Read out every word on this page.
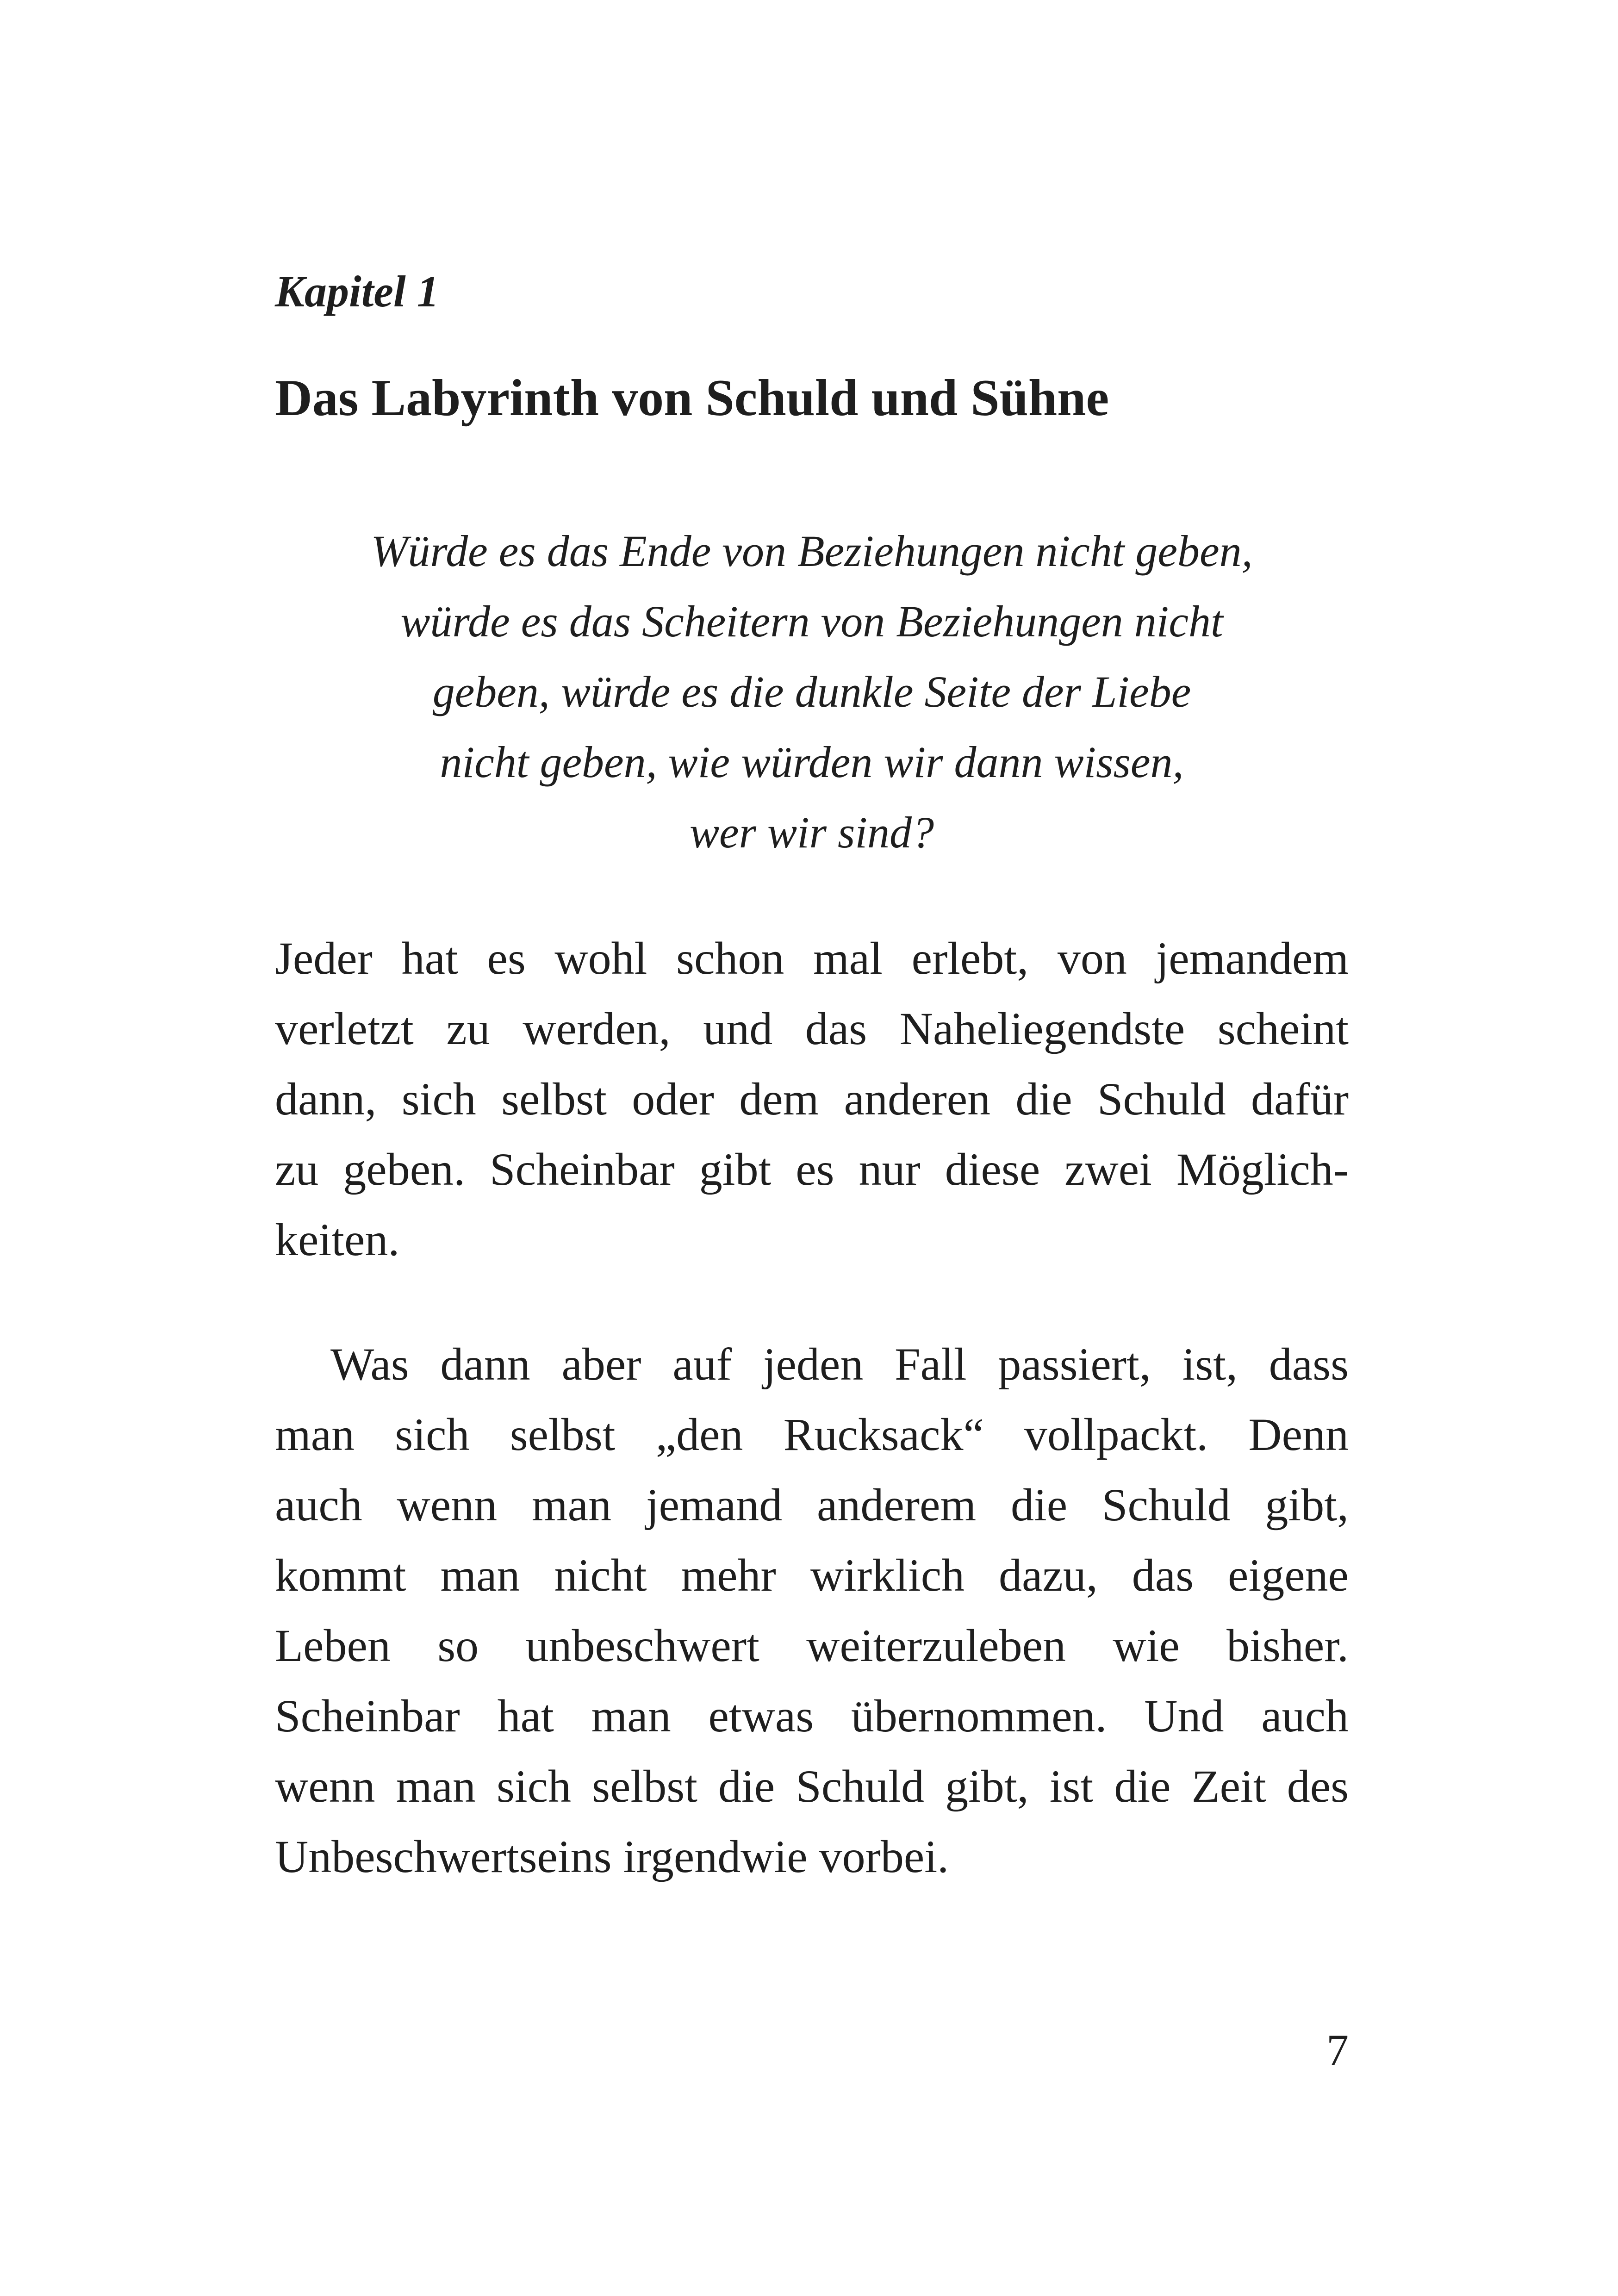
Kapitel 1
Das Labyrinth von Schuld und Sühne
Würde es das Ende von Beziehungen nicht geben,
würde es das Scheitern von Beziehungen nicht
geben, würde es die dunkle Seite der Liebe
nicht geben, wie würden wir dann wissen,
wer wir sind?
Jeder hat es wohl schon mal erlebt, von jemandem
verletzt zu werden, und das Naheliegendste scheint
dann, sich selbst oder dem anderen die Schuld dafür
zu geben. Scheinbar gibt es nur diese zwei Möglich-
keiten.
Was dann aber auf jeden Fall passiert, ist, dass
man sich selbst „den Rucksack“ vollpackt. Denn
auch wenn man jemand anderem die Schuld gibt,
kommt man nicht mehr wirklich dazu, das eigene
Leben so unbeschwert weiterzuleben wie bisher.
Scheinbar hat man etwas übernommen. Und auch
wenn man sich selbst die Schuld gibt, ist die Zeit des
Unbeschwertseins irgendwie vorbei.
7
